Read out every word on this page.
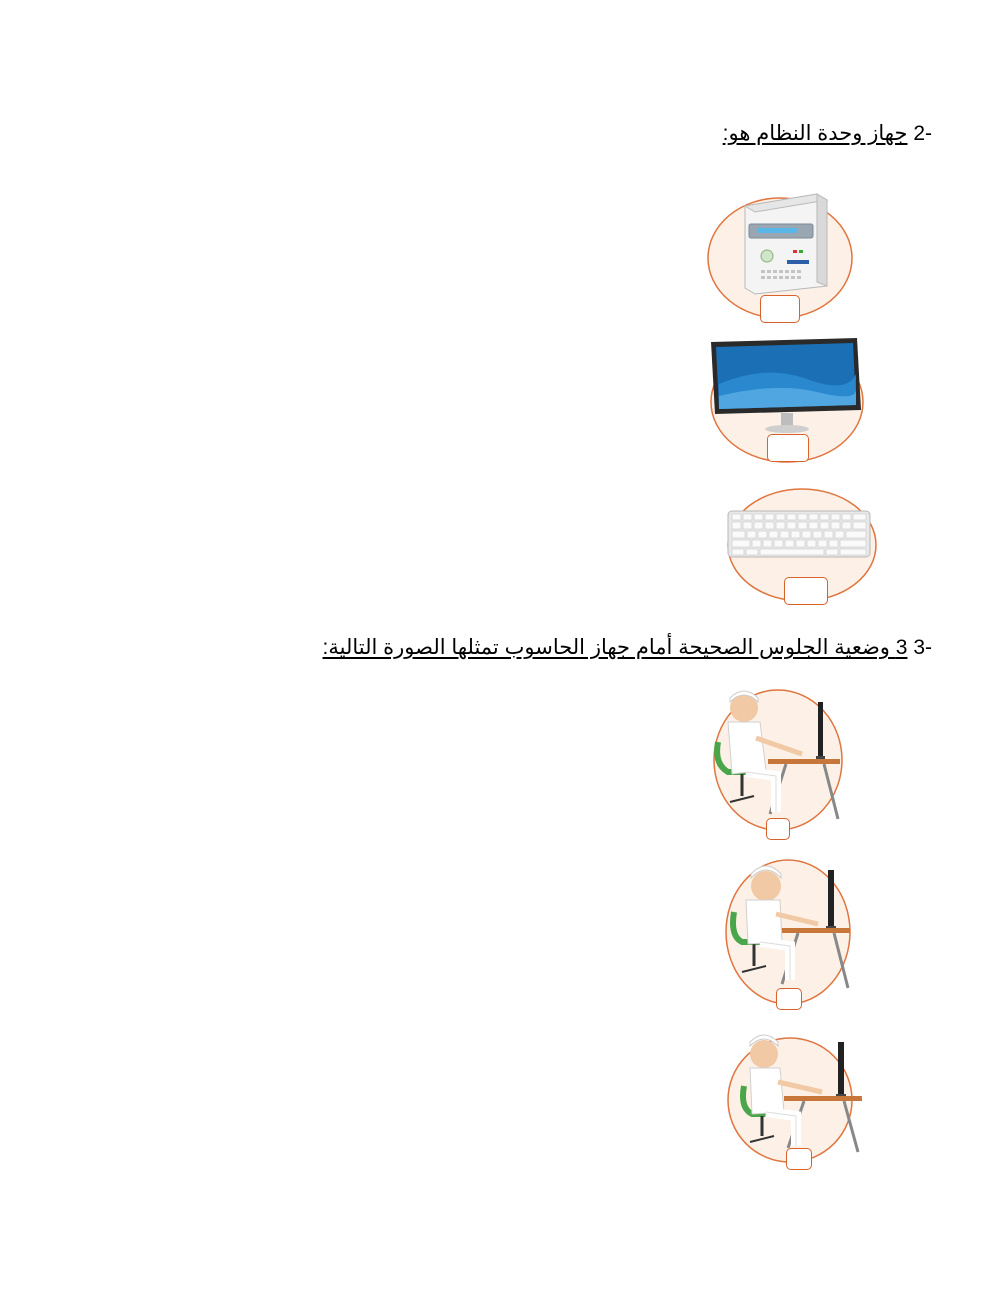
-2 جهاز وحدة النظام هو:
-3 3 وضعية الجلوس الصحيحة أمام جهاز الحاسوب تمثلها الصورة التالية:
